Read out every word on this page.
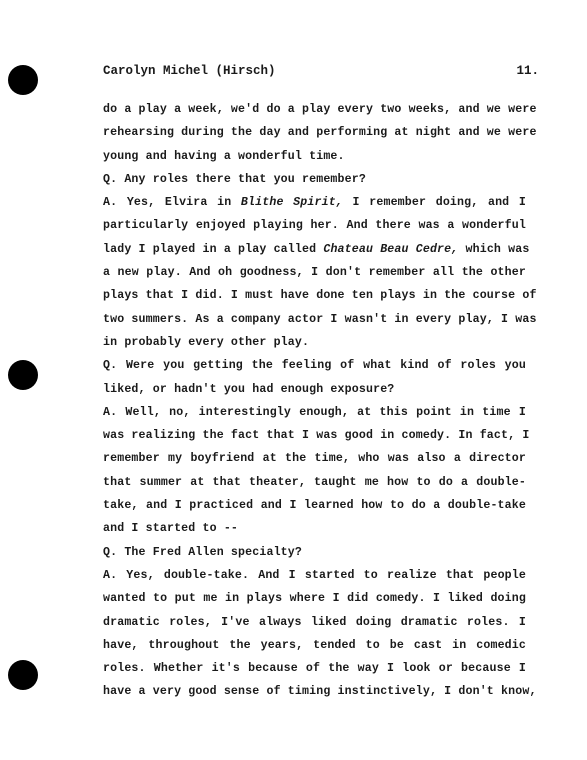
Carolyn Michel (Hirsch)	11.
do a play a week, we'd do a play every two weeks, and we were
rehearsing during the day and performing at night and we were
young and having a wonderful time.
Q. Any roles there that you remember?
A. Yes, Elvira in Blithe Spirit, I remember doing, and I
particularly enjoyed playing her. And there was a wonderful
lady I played in a play called Chateau Beau Cedre, which was
a new play. And oh goodness, I don't remember all the other
plays that I did. I must have done ten plays in the course of
two summers. As a company actor I wasn't in every play, I was
in probably every other play.
Q. Were you getting the feeling of what kind of roles you
liked, or hadn't you had enough exposure?
A. Well, no, interestingly enough, at this point in time I
was realizing the fact that I was good in comedy. In fact, I
remember my boyfriend at the time, who was also a director
that summer at that theater, taught me how to do a double-
take, and I practiced and I learned how to do a double-take
and I started to --
Q. The Fred Allen specialty?
A. Yes, double-take. And I started to realize that people
wanted to put me in plays where I did comedy. I liked doing
dramatic roles, I've always liked doing dramatic roles. I
have, throughout the years, tended to be cast in comedic
roles. Whether it's because of the way I look or because I
have a very good sense of timing instinctively, I don't know,
